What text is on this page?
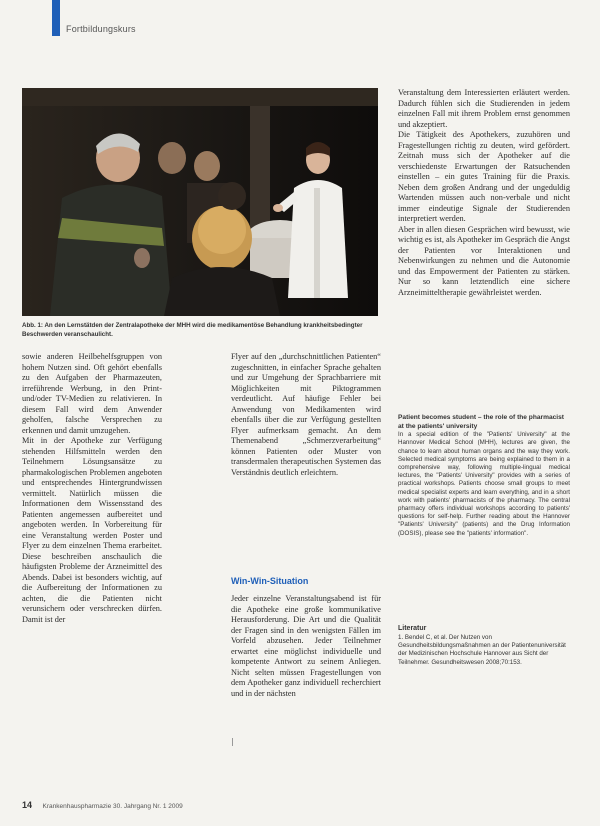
Fortbildungskurs
Abb. 1: An den Lernstätden der Zentralapotheke der MHH wird die medikamentöse Behandlung krankheitsbedingter Beschwerden veranschaulicht.

sowie anderen Heilbehelfsgruppen von hohem Nutzen sind. Oft gehört ebenfalls zu den Aufgaben der Pharmazeuten, irreführende Werbung, in den Print- und/oder TV-Medien zu relativieren. In diesem Fall wird dem Anwender geholfen, falsche Versprechen zu erkennen und damit umzugehen.

Mit in der Apotheke zur Verfügung stehenden Hilfsmitteln werden den Teilnehmern Lösungsansätze zu pharmakologischen Problemen angeboten und entsprechendes Hintergrundwissen vermittelt. Natürlich müssen die Informationen dem Wissensstand des Patienten angemessen aufbereitet und angeboten werden. In Vorbereitung für eine Veranstaltung werden Poster und Flyer zu dem einzelnen Thema erarbeitet. Diese beschreiben anschaulich die häufigsten Probleme der Arzneimittel des Abends. Dabei ist besonders wichtig, auf die Aufbereitung der Informationen zu achten, die die Patienten nicht verunsichern oder verschrecken dürfen. Damit ist der

Flyer auf den „durchschnittlichen Patienten“ zugeschnitten, in einfacher Sprache gehalten und zur Umgehung der Sprachbarriere mit Möglichkeiten mit Piktogrammen verdeutlicht. Auf häufige Fehler bei Anwendung von Medikamenten wird ebenfalls über die zur Verfügung gestellten Flyer aufmerksam gemacht. An dem Themenabend „Schmerzverarbeitung“ können Patienten oder Muster von transdermalen therapeutischen Systemen das Verständnis deutlich erleichtern.

Win-Win-Situation
Jeder einzelne Veranstaltungsabend ist für die Apotheke eine große kommunikative Herausforderung. Die Art und die Qualität der Fragen sind in den wenigsten Fällen im Vorfeld abzusehen. Jeder Teilnehmer erwartet eine möglichst individuelle und kompetente Antwort zu seinem Anliegen. Nicht selten müssen Fragestellungen von dem Apotheker ganz individuell recherchiert und in der nächsten

Veranstaltung dem Interessierten erläutert werden. Dadurch fühlen sich die Studierenden in jedem einzelnen Fall mit ihrem Problem ernst genommen und akzeptiert.

Die Tätigkeit des Apothekers, zuzuhören und Fragestellungen richtig zu deuten, wird gefördert. Zeitnah muss sich der Apotheker auf die verschiedenste Erwartungen der Ratsuchenden einstellen – ein gutes Training für die Praxis. Neben dem großen Andrang und der ungeduldig Wartenden müssen auch non-verbale und nicht immer eindeutige Signale der Studierenden interpretiert werden.

Aber in allen diesen Gesprächen wird bewusst, wie wichtig es ist, als Apotheker im Gespräch die Angst der Patienten vor Interaktionen und Nebenwirkungen zu nehmen und die Autonomie und das Empowerment der Patienten zu stärken. Nur so kann letztendlich eine sichere Arzneimitteltherapie gewährleistet werden.

Patient becomes student – the role of the pharmacist at the patients' university

In a special edition of the "Patients' University" at the Hannover Medical School (MHH), lectures are given, the chance to learn about human organs and the way they work. Selected medical symptoms are being explained to them in a comprehensive way, following multiple-lingual medical lectures, the "Patients' University" provides with a series of practical workshops. Patients choose small groups to meet medical specialist experts and learn everything, and in a short work with patients' pharmacists of the pharmacy. The central pharmacy offers individual workshops according to patients' questions for self-help. Further reading about the Hannover "Patients' University" (patients) and the Drug Information (DOSIS), please see the "patients' information".

Literatur

1. Bendel C, et al. Der Nutzen von Gesundheitsbildungsmaßnahmen an der Patientenuniversität der Medizinischen Hochschule Hannover aus Sicht der Teilnehmer. Gesundheitswesen 2008;70:153.

14 Krankenhauspharmazie 30. Jahrgang Nr. 1 2009
